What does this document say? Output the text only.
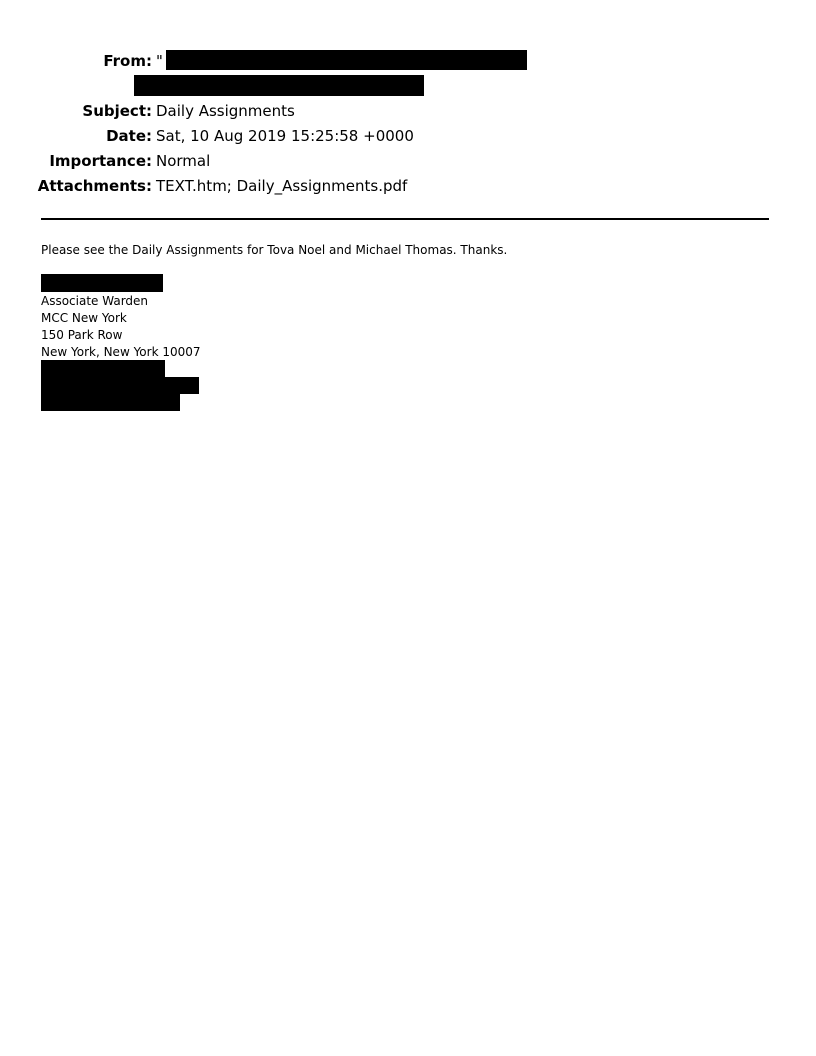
From: "
Subject: Daily Assignments
Date: Sat, 10 Aug 2019 15:25:58 +0000
Importance: Normal
Attachments: TEXT.htm; Daily_Assignments.pdf
Please see the Daily Assignments for Tova Noel and Michael Thomas. Thanks.
Associate Warden
MCC New York
150 Park Row
New York, New York 10007
